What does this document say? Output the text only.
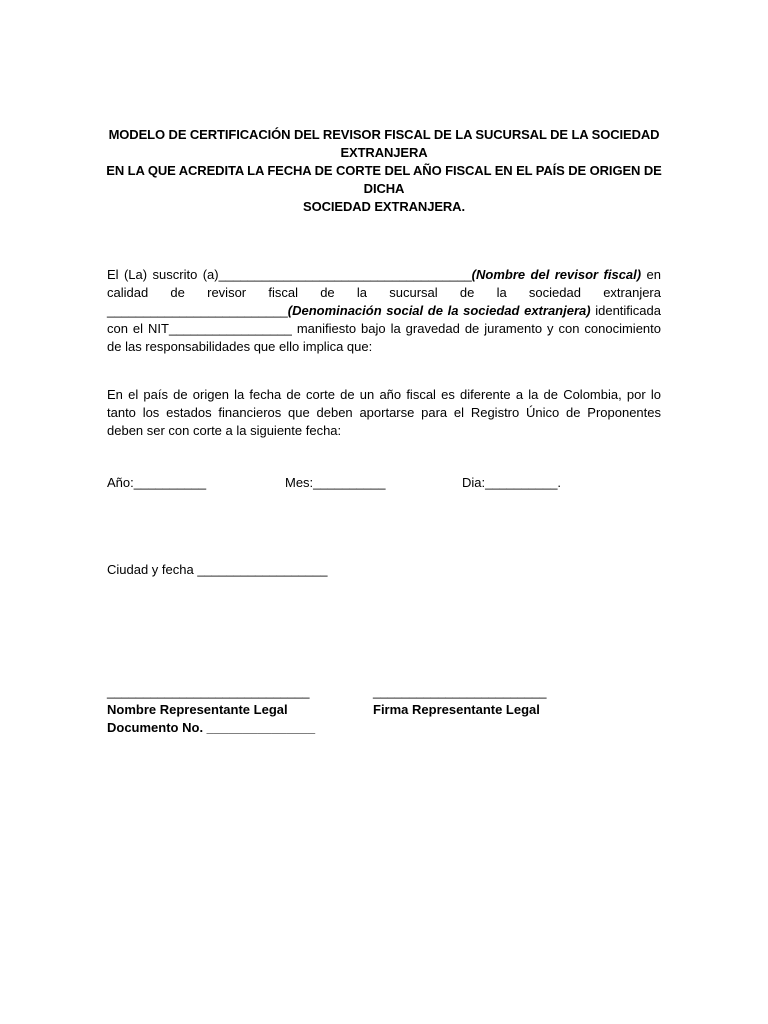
MODELO DE CERTIFICACIÓN DEL REVISOR FISCAL DE LA SUCURSAL DE LA SOCIEDAD EXTRANJERA
EN LA QUE ACREDITA LA FECHA DE CORTE DEL AÑO FISCAL EN EL PAÍS DE ORIGEN DE DICHA
SOCIEDAD EXTRANJERA.

El (La) suscrito (a)___________________________________(Nombre del revisor fiscal) en calidad de revisor fiscal de la sucursal de la sociedad extranjera _________________________(Denominación social de la sociedad extranjera) identificada con el NIT_________________ manifiesto bajo la gravedad de juramento y con conocimiento de las responsabilidades que ello implica que:

En el país de origen la fecha de corte de un año fiscal es diferente a la de Colombia, por lo tanto los estados financieros que deben aportarse para el Registro Único de Proponentes deben ser con corte a la siguiente fecha:

Año:__________	Mes:__________	Dia:__________.
Ciudad y fecha __________________
____________________________
Nombre Representante Legal
Documento No. _______________
________________________
Firma Representante Legal
